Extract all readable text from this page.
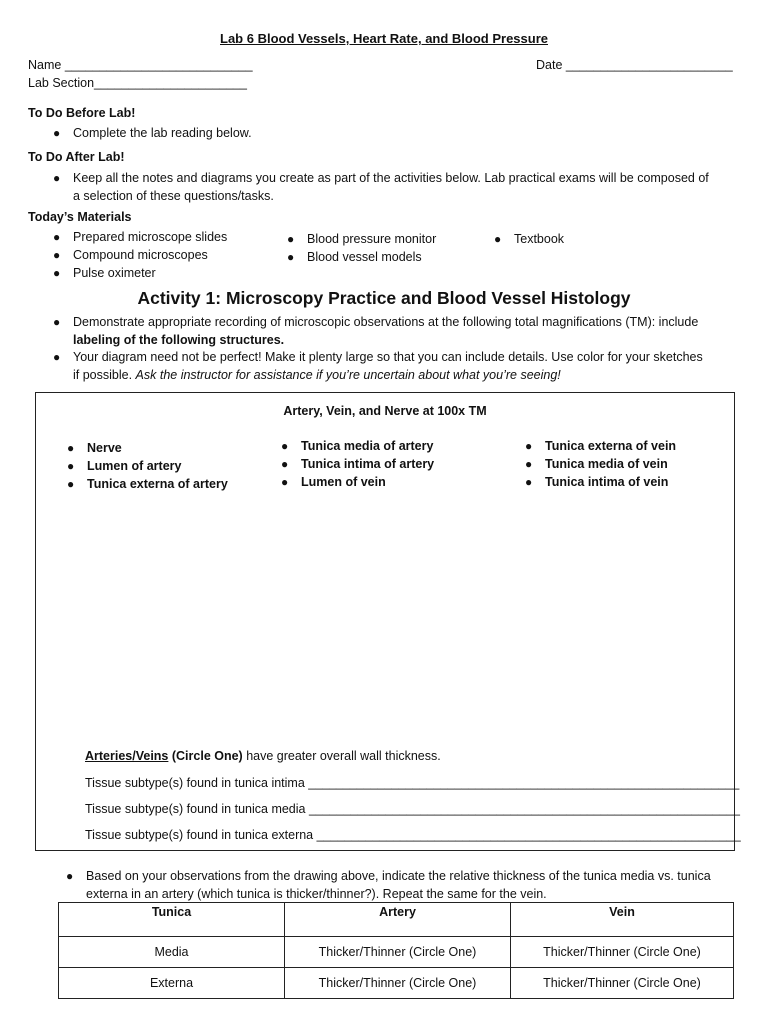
Lab 6 Blood Vessels, Heart Rate, and Blood Pressure
Name ___________________________	Date ________________________
Lab Section______________________
To Do Before Lab!
● Complete the lab reading below.
To Do After Lab!
● Keep all the notes and diagrams you create as part of the activities below. Lab practical exams will be composed of
a selection of these questions/tasks.
Today’s Materials
● Prepared microscope slides
● Compound microscopes
● Pulse oximeter
● Blood pressure monitor
● Blood vessel models
● Textbook
Activity 1: Microscopy Practice and Blood Vessel Histology
● Demonstrate appropriate recording of microscopic observations at the following total magnifications (TM): include
labeling of the following structures.
● Your diagram need not be perfect! Make it plenty large so that you can include details. Use color for your sketches
if possible. Ask the instructor for assistance if you’re uncertain about what you’re seeing!
Artery, Vein, and Nerve at 100x TM
● Nerve
● Lumen of artery
● Tunica externa of artery
● Tunica media of artery
● Tunica intima of artery
● Lumen of vein
● Tunica externa of vein
● Tunica media of vein
● Tunica intima of vein
Arteries/Veins (Circle One) have greater overall wall thickness.
Tissue subtype(s) found in tunica intima ______________________________________________________________
Tissue subtype(s) found in tunica media ______________________________________________________________
Tissue subtype(s) found in tunica externa _____________________________________________________________
● Based on your observations from the drawing above, indicate the relative thickness of the tunica media vs. tunica
externa in an artery (which tunica is thicker/thinner?). Repeat the same for the vein.
Tunica	Artery	Vein
Media	Thicker/Thinner (Circle One)	Thicker/Thinner (Circle One)
Externa	Thicker/Thinner (Circle One)	Thicker/Thinner (Circle One)
